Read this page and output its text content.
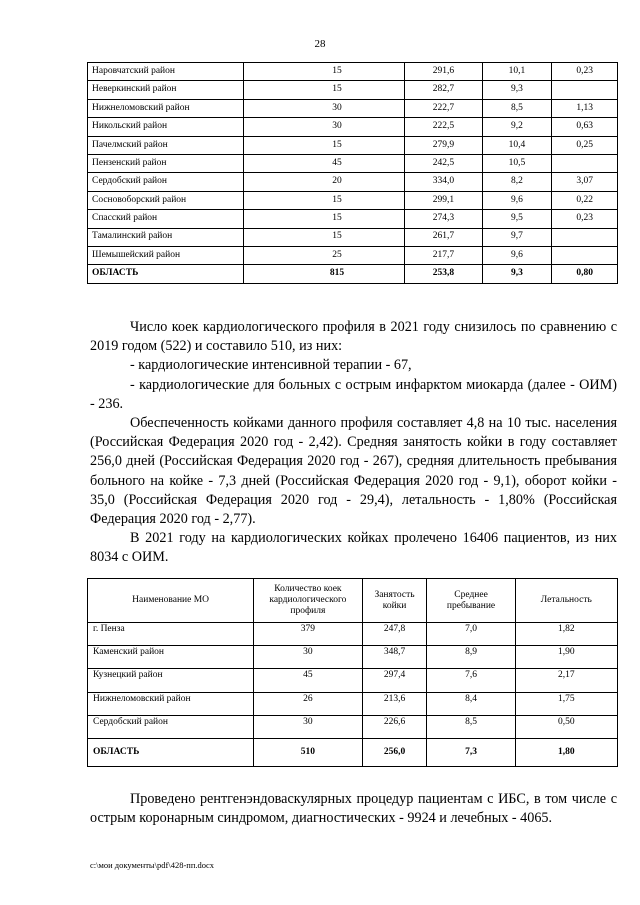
28
Наровчатский район	15	291,6	10,1	0,23
Неверкинский район	15	282,7	9,3	
Нижнеломовский район	30	222,7	8,5	1,13
Никольский район	30	222,5	9,2	0,63
Пачелмский район	15	279,9	10,4	0,25
Пензенский район	45	242,5	10,5	
Сердобский район	20	334,0	8,2	3,07
Сосновоборский район	15	299,1	9,6	0,22
Спасский район	15	274,3	9,5	0,23
Тамалинский район	15	261,7	9,7	
Шемышейский район	25	217,7	9,6	
ОБЛАСТЬ	815	253,8	9,3	0,80

Число коек кардиологического профиля в 2021 году снизилось по сравнению с 2019 годом (522) и составило 510, из них:

- кардиологические интенсивной терапии - 67,

- кардиологические для больных с острым инфарктом миокарда (далее - ОИМ) - 236.

Обеспеченность койками данного профиля составляет 4,8 на 10 тыс. населения (Российская Федерация 2020 год - 2,42). Средняя занятость койки в году составляет 256,0 дней (Российская Федерация 2020 год - 267), средняя длительность пребывания больного на койке - 7,3 дней (Российская Федерация 2020 год - 9,1), оборот койки - 35,0 (Российская Федерация 2020 год - 29,4), летальность - 1,80% (Российская Федерация 2020 год - 2,77).

В 2021 году на кардиологических койках пролечено 16406 пациентов, из них 8034 с ОИМ.

Наименование МО	Количество коек кардиологического профиля	Занятость койки	Среднее пребывание	Летальность
г. Пенза	379	247,8	7,0	1,82
Каменский район	30	348,7	8,9	1,90
Кузнецкий район	45	297,4	7,6	2,17
Нижнеломовский район	26	213,6	8,4	1,75
Сердобский район	30	226,6	8,5	0,50
ОБЛАСТЬ	510	256,0	7,3	1,80

Проведено рентгенэндоваскулярных процедур пациентам с ИБС, в том числе с острым коронарным синдромом, диагностических - 9924 и лечебных - 4065.

c:\мои документы\pdf\428-пп.docx
